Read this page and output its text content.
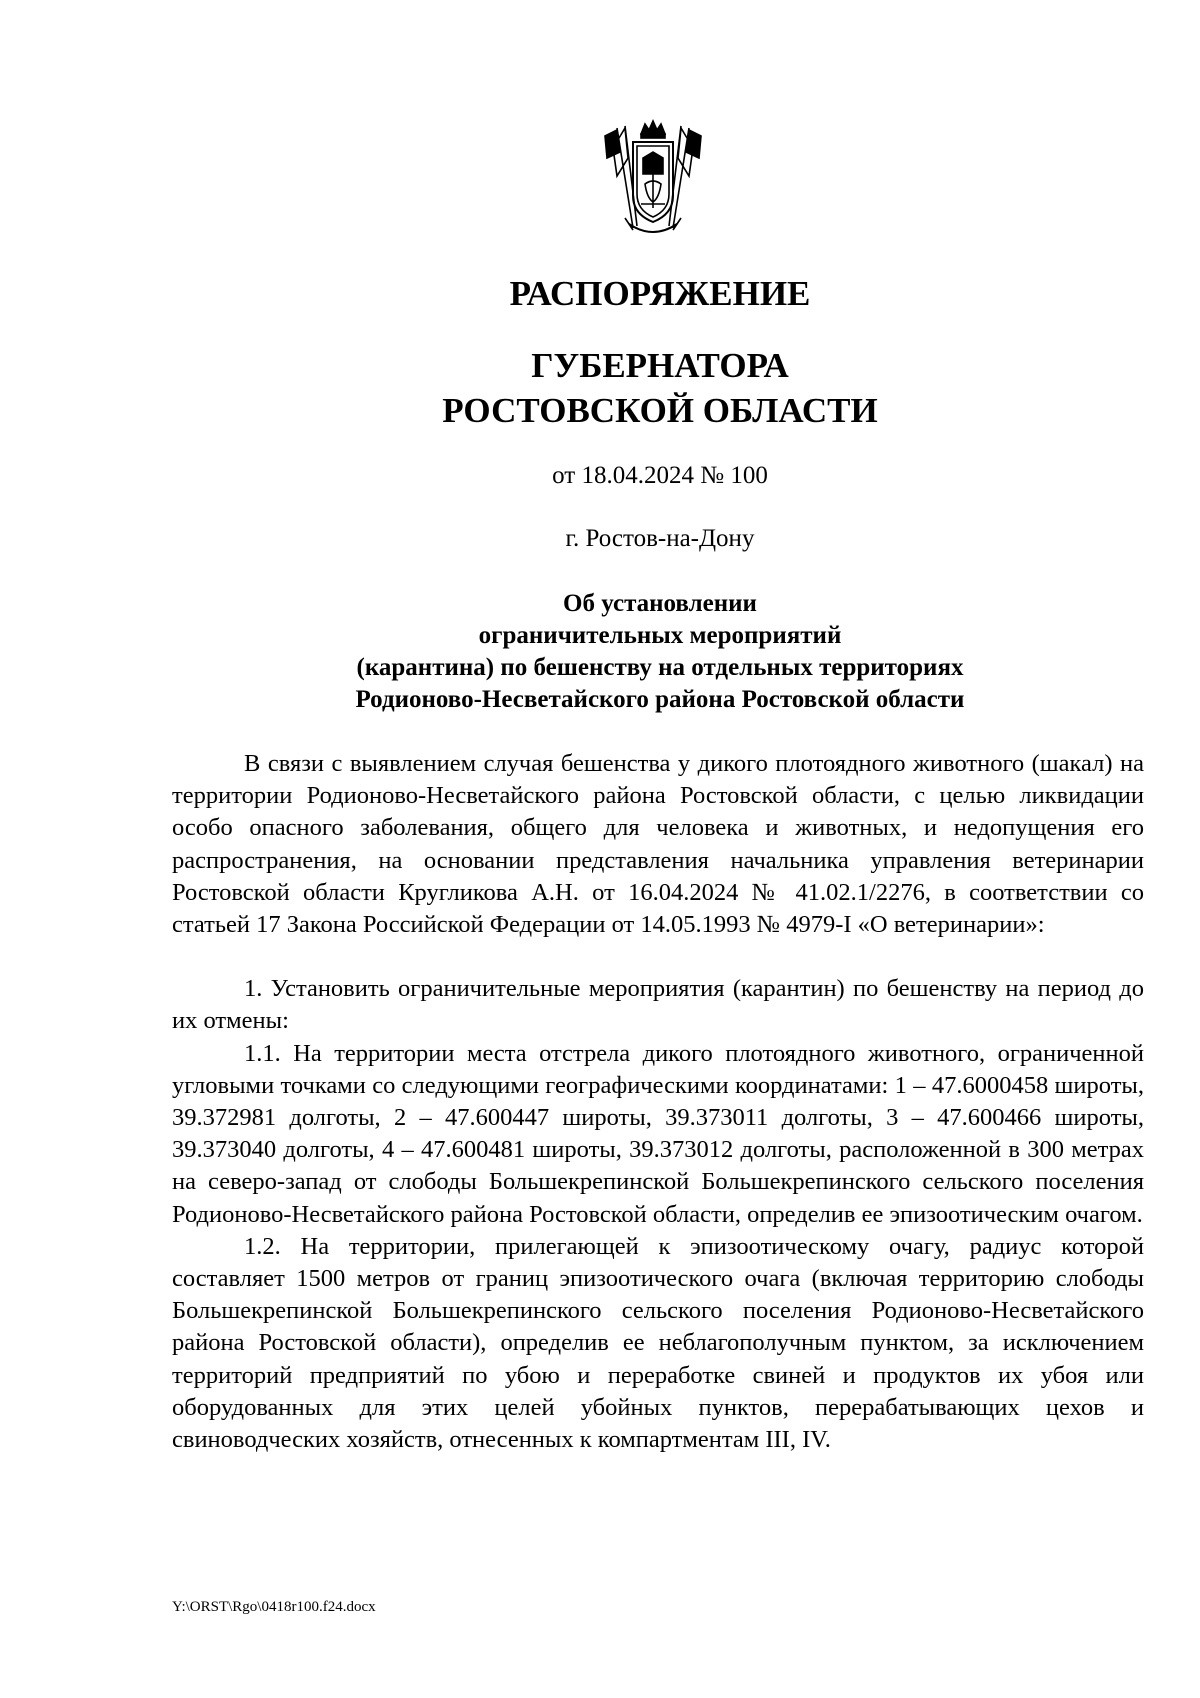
РАСПОРЯЖЕНИЕ
ГУБЕРНАТОРА
РОСТОВСКОЙ ОБЛАСТИ

от 18.04.2024 № 100

г. Ростов-на-Дону

Об установлении
ограничительных мероприятий
(карантина) по бешенству на отдельных территориях
Родионово-Несветайского района Ростовской области

В связи с выявлением случая бешенства у дикого плотоядного животного (шакал) на территории Родионово-Несветайского района Ростовской области, с целью ликвидации особо опасного заболевания, общего для человека и животных, и недопущения его распространения, на основании представления начальника управления ветеринарии Ростовской области Кругликова А.Н. от 16.04.2024 № 41.02.1/2276, в соответствии со статьей 17 Закона Российской Федерации от 14.05.1993 № 4979-I «О ветеринарии»:

1. Установить ограничительные мероприятия (карантин) по бешенству на период до их отмены:

1.1. На территории места отстрела дикого плотоядного животного, ограниченной угловыми точками со следующими географическими координатами: 1 – 47.6000458 широты, 39.372981 долготы, 2 – 47.600447 широты, 39.373011 долготы, 3 – 47.600466 широты, 39.373040 долготы, 4 – 47.600481 широты, 39.373012 долготы, расположенной в 300 метрах на северо-запад от слободы Большекрепинской Большекрепинского сельского поселения Родионово-Несветайского района Ростовской области, определив ее эпизоотическим очагом.

1.2. На территории, прилегающей к эпизоотическому очагу, радиус которой составляет 1500 метров от границ эпизоотического очага (включая территорию слободы Большекрепинской Большекрепинского сельского поселения Родионово-Несветайского района Ростовской области), определив ее неблагополучным пунктом, за исключением территорий предприятий по убою и переработке свиней и продуктов их убоя или оборудованных для этих целей убойных пунктов, перерабатывающих цехов и свиноводческих хозяйств, отнесенных к компартментам III, IV.

Y:\ORST\Rgo\0418r100.f24.docx
